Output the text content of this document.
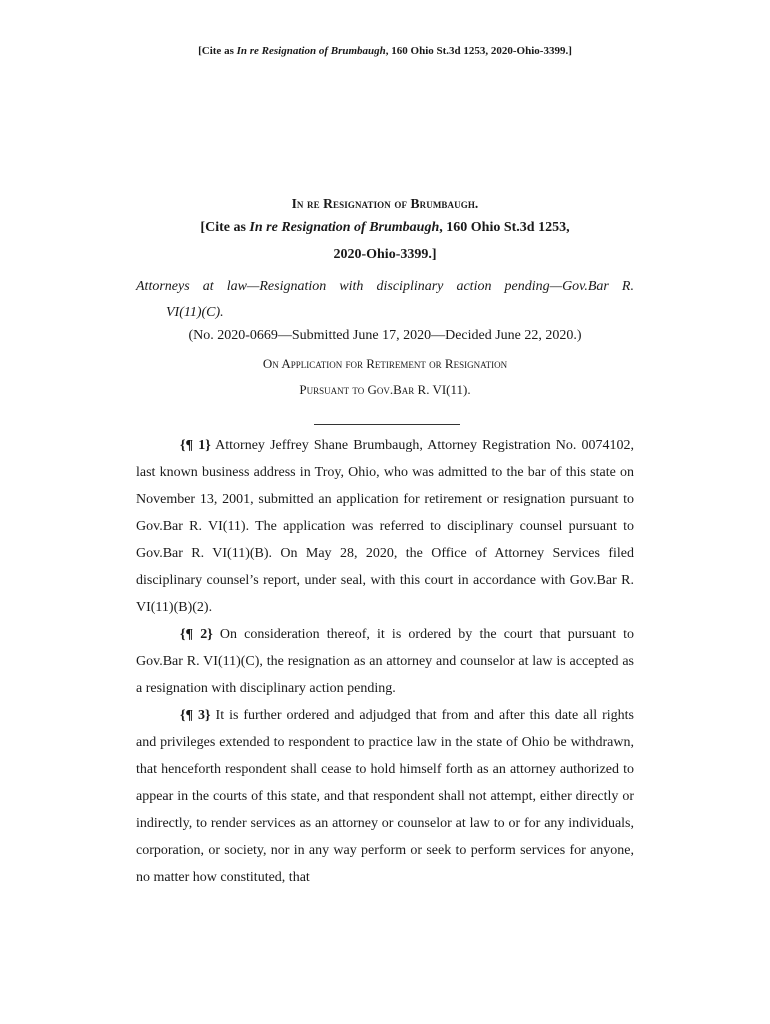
[Cite as In re Resignation of Brumbaugh, 160 Ohio St.3d 1253, 2020-Ohio-3399.]
In re Resignation of Brumbaugh.
[Cite as In re Resignation of Brumbaugh, 160 Ohio St.3d 1253,
2020-Ohio-3399.]
Attorneys at law—Resignation with disciplinary action pending—Gov.Bar R.
VI(11)(C).
(No. 2020-0669—Submitted June 17, 2020—Decided June 22, 2020.)
On Application for Retirement or Resignation
Pursuant to Gov.Bar R. VI(11).

{¶ 1} Attorney Jeffrey Shane Brumbaugh, Attorney Registration No. 0074102, last known business address in Troy, Ohio, who was admitted to the bar of this state on November 13, 2001, submitted an application for retirement or resignation pursuant to Gov.Bar R. VI(11). The application was referred to disciplinary counsel pursuant to Gov.Bar R. VI(11)(B). On May 28, 2020, the Office of Attorney Services filed disciplinary counsel’s report, under seal, with this court in accordance with Gov.Bar R. VI(11)(B)(2).

{¶ 2} On consideration thereof, it is ordered by the court that pursuant to Gov.Bar R. VI(11)(C), the resignation as an attorney and counselor at law is accepted as a resignation with disciplinary action pending.

{¶ 3} It is further ordered and adjudged that from and after this date all rights and privileges extended to respondent to practice law in the state of Ohio be withdrawn, that henceforth respondent shall cease to hold himself forth as an attorney authorized to appear in the courts of this state, and that respondent shall not attempt, either directly or indirectly, to render services as an attorney or counselor at law to or for any individuals, corporation, or society, nor in any way perform or seek to perform services for anyone, no matter how constituted, that
